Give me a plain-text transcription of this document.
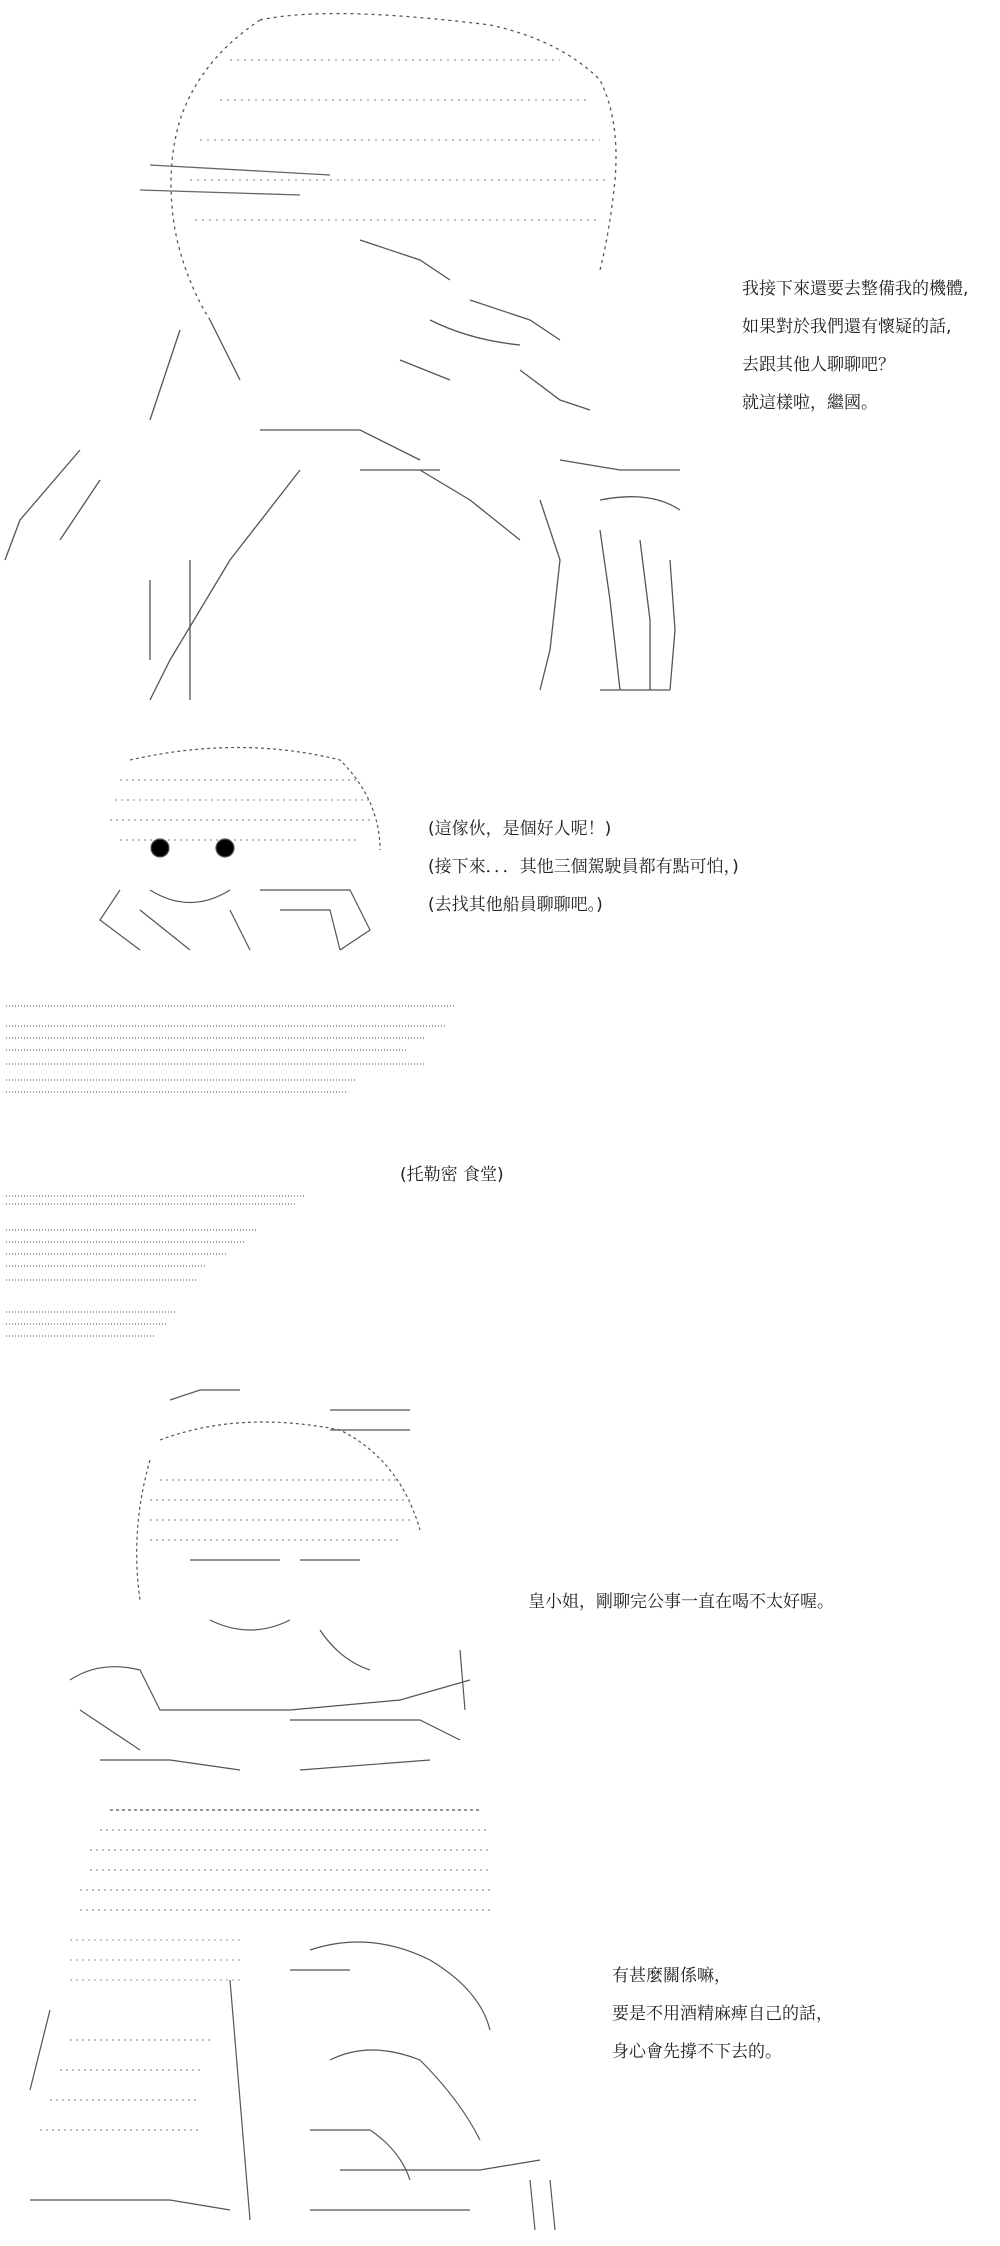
我接下來還要去整備我的機體,
如果對於我們還有懷疑的話,
去跟其他人聊聊吧？
就這樣啦，繼國。
(這傢伙，是個好人呢！)
(接下來．．．其他三個駕駛員都有點可怕，)
(去找其他船員聊聊吧。)
(托勒密 食堂)
皇小姐，剛聊完公事一直在喝不太好喔。
有甚麼關係嘛，
要是不用酒精麻痺自己的話，
身心會先撐不下去的。
